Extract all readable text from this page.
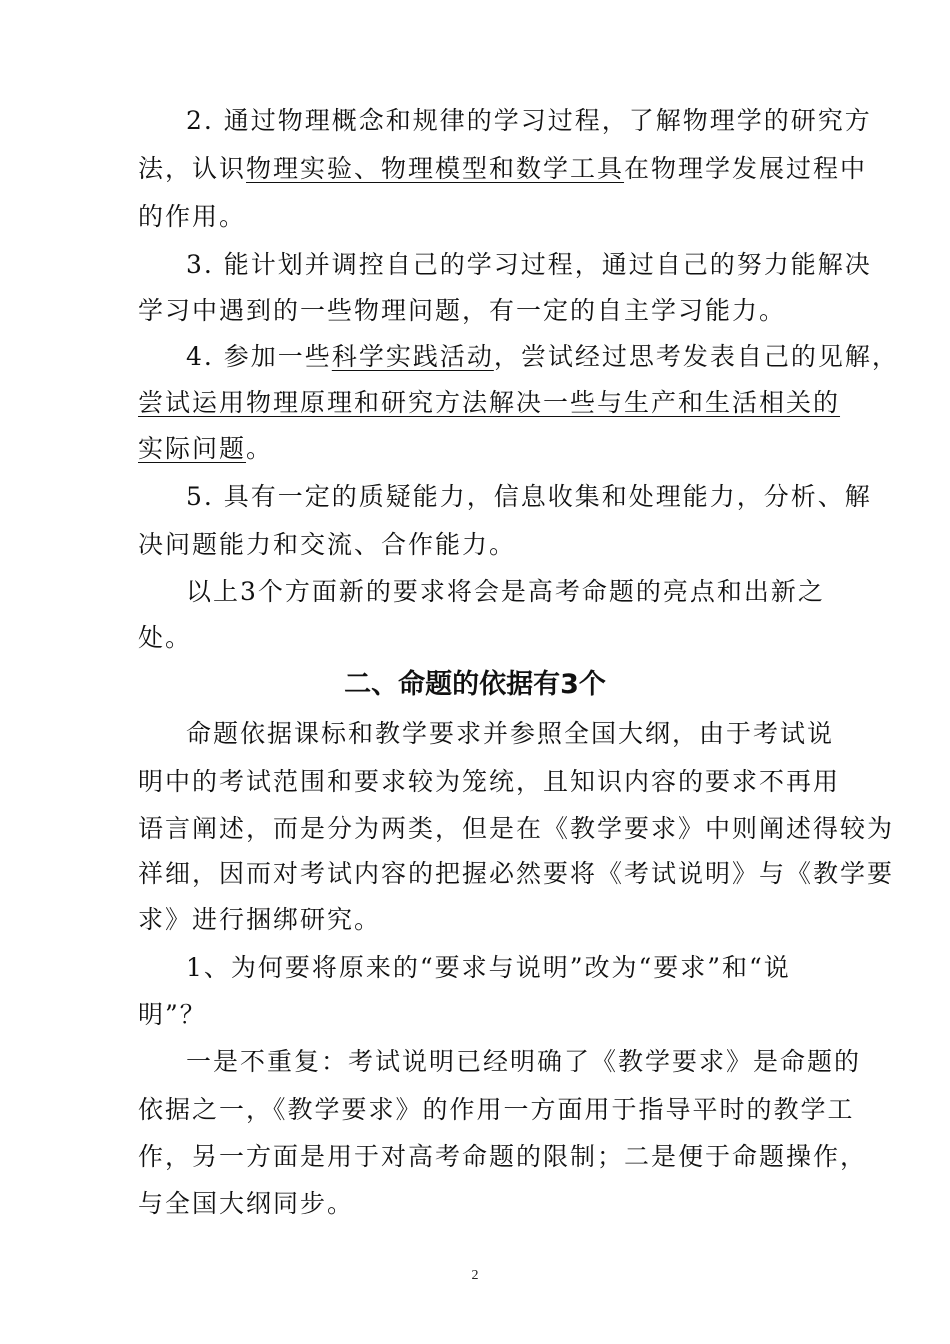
2. 通过物理概念和规律的学习过程，了解物理学的研究方
法，认识物理实验、物理模型和数学工具在物理学发展过程中
的作用。
3. 能计划并调控自己的学习过程，通过自己的努力能解决
学习中遇到的一些物理问题，有一定的自主学习能力。
4. 参加一些科学实践活动，尝试经过思考发表自己的见解，
尝试运用物理原理和研究方法解决一些与生产和生活相关的
实际问题。
5. 具有一定的质疑能力，信息收集和处理能力，分析、解
决问题能力和交流、合作能力。
以上3个方面新的要求将会是高考命题的亮点和出新之
处。
命题依据课标和教学要求并参照全国大纲，由于考试说
明中的考试范围和要求较为笼统，且知识内容的要求不再用
语言阐述，而是分为两类，但是在《教学要求》中则阐述得较为
祥细，因而对考试内容的把握必然要将《考试说明》与《教学要
求》进行捆绑研究。
1、为何要将原来的“要求与说明”改为“要求”和“说
明”？
一是不重复：考试说明已经明确了《教学要求》是命题的
依据之一，《教学要求》的作用一方面用于指导平时的教学工
作，另一方面是用于对高考命题的限制；二是便于命题操作，
与全国大纲同步。
二、命题的依据有3个
2
